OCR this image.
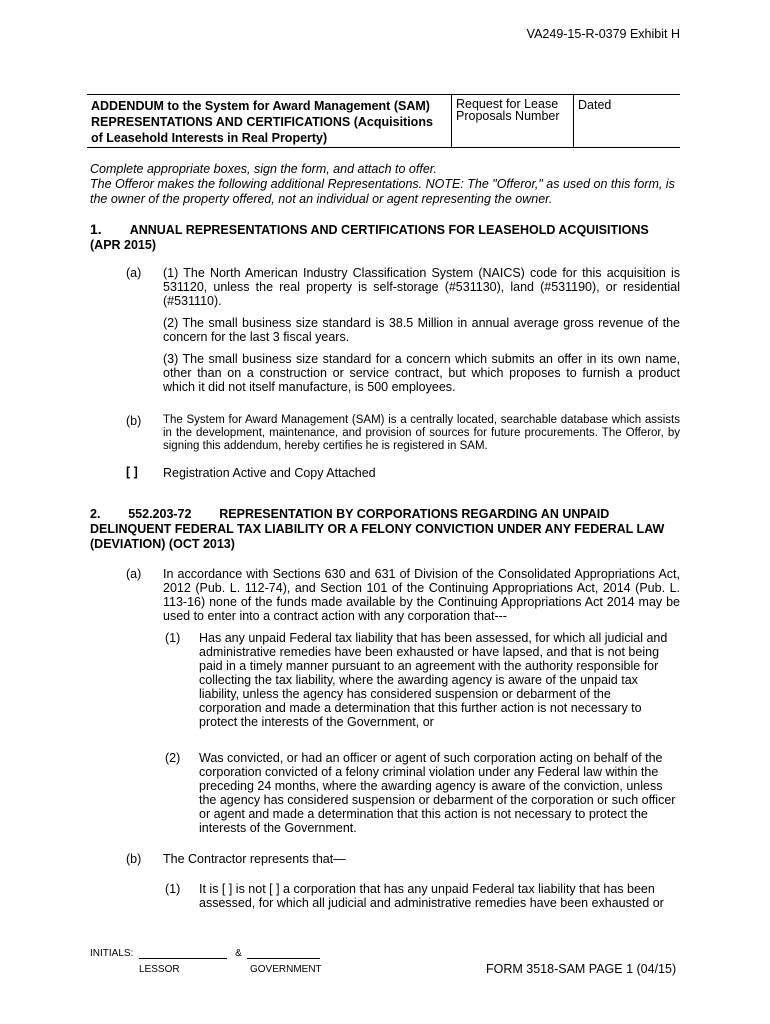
VA249-15-R-0379 Exhibit H
ADDENDUM to the System for Award Management (SAM)
REPRESENTATIONS AND CERTIFICATIONS (Acquisitions
of Leasehold Interests in Real Property)
Request for Lease
Proposals Number
Dated

Complete appropriate boxes, sign the form, and attach to offer.

The Offeror makes the following additional Representations. NOTE: The "Offeror," as used on this form, is the owner of the property offered, not an individual or agent representing the owner.

1. ANNUAL REPRESENTATIONS AND CERTIFICATIONS FOR LEASEHOLD ACQUISITIONS
(APR 2015)
(a) (1) The North American Industry Classification System (NAICS) code for this acquisition is 531120, unless the real property is self-storage (#531130), land (#531190), or residential (#531110).

(2) The small business size standard is 38.5 Million in annual average gross revenue of the concern for the last 3 fiscal years.

(3) The small business size standard for a concern which submits an offer in its own name, other than on a construction or service contract, but which proposes to furnish a product which it did not itself manufacture, is 500 employees.

(b) The System for Award Management (SAM) is a centrally located, searchable database which assists in the development, maintenance, and provision of sources for future procurements. The Offeror, by signing this addendum, hereby certifies he is registered in SAM.
[ ] Registration Active and Copy Attached
2.        552.203-72        REPRESENTATION BY CORPORATIONS REGARDING AN UNPAID
DELINQUENT FEDERAL TAX LIABILITY OR A FELONY CONVICTION UNDER ANY FEDERAL LAW
(DEVIATION) (OCT 2013)
(a) In accordance with Sections 630 and 631 of Division of the Consolidated Appropriations Act, 2012 (Pub. L. 112-74), and Section 101 of the Continuing Appropriations Act, 2014 (Pub. L. 113-16) none of the funds made available by the Continuing Appropriations Act 2014 may be used to enter into a contract action with any corporation that---
(1) Has any unpaid Federal tax liability that has been assessed, for which all judicial and administrative remedies have been exhausted or have lapsed, and that is not being paid in a timely manner pursuant to an agreement with the authority responsible for collecting the tax liability, where the awarding agency is aware of the unpaid tax liability, unless the agency has considered suspension or debarment of the corporation and made a determination that this further action is not necessary to protect the interests of the Government, or
(2) Was convicted, or had an officer or agent of such corporation acting on behalf of the corporation convicted of a felony criminal violation under any Federal law within the preceding 24 months, where the awarding agency is aware of the conviction, unless the agency has considered suspension or debarment of the corporation or such officer or agent and made a determination that this action is not necessary to protect the interests of the Government.
(b) The Contractor represents that—
(1) It is [ ] is not [ ] a corporation that has any unpaid Federal tax liability that has been assessed, for which all judicial and administrative remedies have been exhausted or
INITIALS:	&
LESSOR	GOVERNMENT	FORM 3518-SAM PAGE 1 (04/15)
